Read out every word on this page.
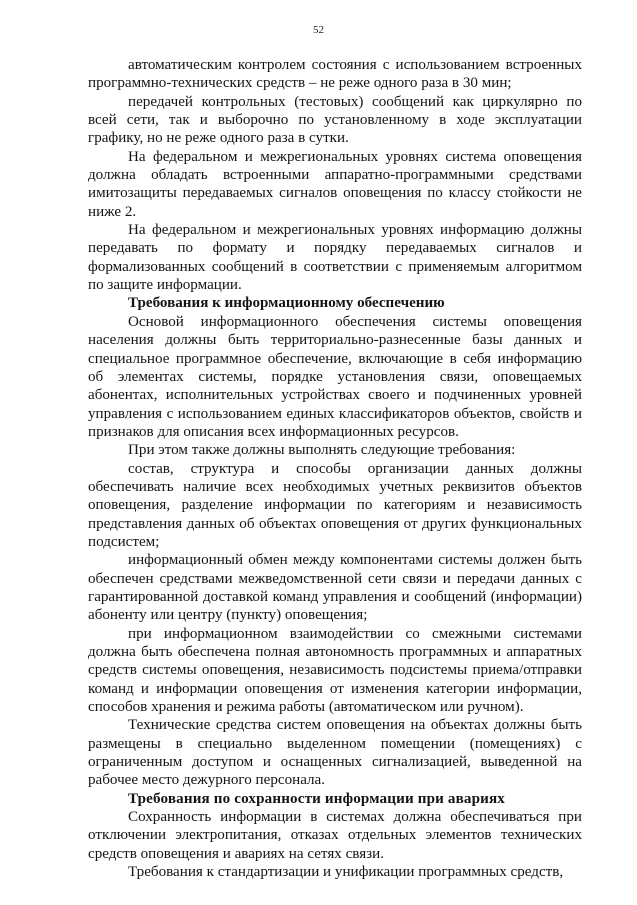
52

автоматическим контролем состояния с использованием встроенных программно-технических средств – не реже одного раза в 30 мин;

передачей контрольных (тестовых) сообщений как циркулярно по всей сети, так и выборочно по установленному в ходе эксплуатации графику, но не реже одного раза в сутки.

На федеральном и межрегиональных уровнях система оповещения должна обладать встроенными аппаратно-программными средствами имитозащиты передаваемых сигналов оповещения по классу стойкости не ниже 2.

На федеральном и межрегиональных уровнях информацию должны передавать по формату и порядку передаваемых сигналов и формализованных сообщений в соответствии с применяемым алгоритмом по защите информации.

Требования к информационному обеспечению

Основой информационного обеспечения системы оповещения населения должны быть территориально-разнесенные базы данных и специальное программное обеспечение, включающие в себя информацию об элементах системы, порядке установления связи, оповещаемых абонентах, исполнительных устройствах своего и подчиненных уровней управления с использованием единых классификаторов объектов, свойств и признаков для описания всех информационных ресурсов.

При этом также должны выполнять следующие требования:

состав, структура и способы организации данных должны обеспечивать наличие всех необходимых учетных реквизитов объектов оповещения, разделение информации по категориям и независимость представления данных об объектах оповещения от других функциональных подсистем;

информационный обмен между компонентами системы должен быть обеспечен средствами межведомственной сети связи и передачи данных с гарантированной доставкой команд управления и сообщений (информации) абоненту или центру (пункту) оповещения;

при информационном взаимодействии со смежными системами должна быть обеспечена полная автономность программных и аппаратных средств системы оповещения, независимость подсистемы приема/отправки команд и информации оповещения от изменения категории информации, способов хранения и режима работы (автоматическом или ручном).

Технические средства систем оповещения на объектах должны быть размещены в специально выделенном помещении (помещениях) с ограниченным доступом и оснащенных сигнализацией, выведенной на рабочее место дежурного персонала.

Требования по сохранности информации при авариях

Сохранность информации в системах должна обеспечиваться при отключении электропитания, отказах отдельных элементов технических средств оповещения и авариях на сетях связи.

Требования к стандартизации и унификации программных средств,
